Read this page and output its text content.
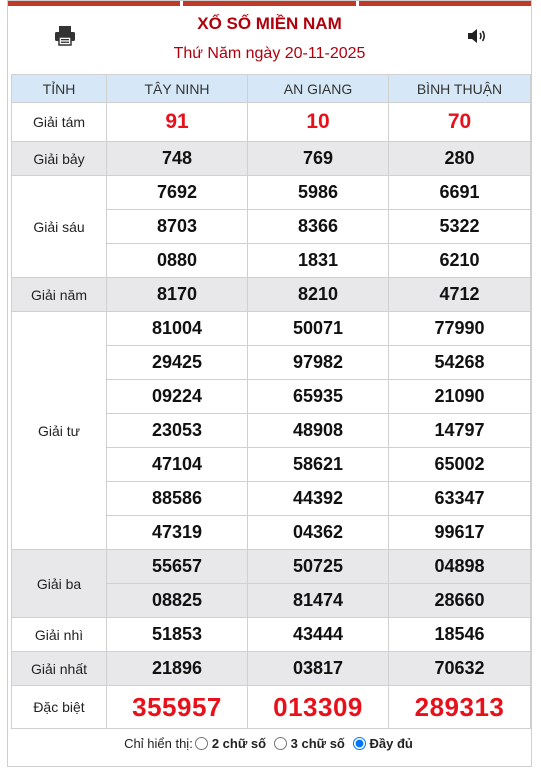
XỔ SỐ MIỀN NAM
Thứ Năm ngày 20-11-2025
TỈNH	TÂY NINH	AN GIANG	BÌNH THUẬN
Giải tám	91	10	70
Giải bảy	748	769	280
Giải sáu	7692	5986	6691
	8703	8366	5322
	0880	1831	6210
Giải năm	8170	8210	4712
Giải tư	81004	50071	77990
	29425	97982	54268
	09224	65935	21090
	23053	48908	14797
	47104	58621	65002
	88586	44392	63347
	47319	04362	99617
Giải ba	55657	50725	04898
	08825	81474	28660
Giải nhì	51853	43444	18546
Giải nhất	21896	03817	70632
Đặc biệt	355957	013309	289313
Chỉ hiển thị: 2 chữ số 3 chữ số Đầy đủ
